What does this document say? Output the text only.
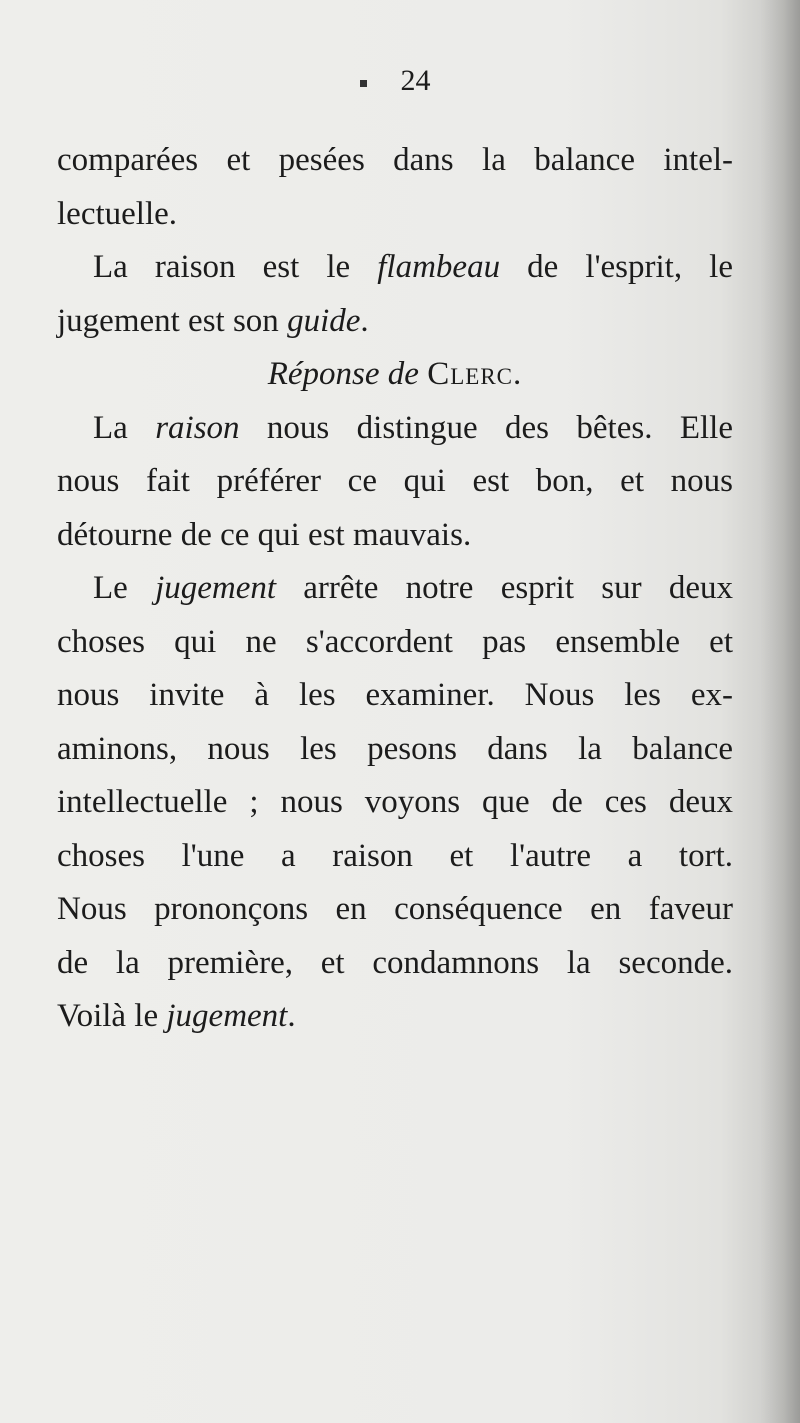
24
comparées et pesées dans la balance intel-
lectuelle.
La raison est le flambeau de l'esprit, le
jugement est son guide.
Réponse de Clerc.
La raison nous distingue des bêtes. Elle
nous fait préférer ce qui est bon, et nous
détourne de ce qui est mauvais.
Le jugement arrête notre esprit sur deux
choses qui ne s'accordent pas ensemble et
nous invite à les examiner. Nous les ex-
aminons, nous les pesons dans la balance
intellectuelle ; nous voyons que de ces deux
choses l'une a raison et l'autre a tort.
Nous prononçons en conséquence en faveur
de la première, et condamnons la seconde.
Voilà le jugement.
